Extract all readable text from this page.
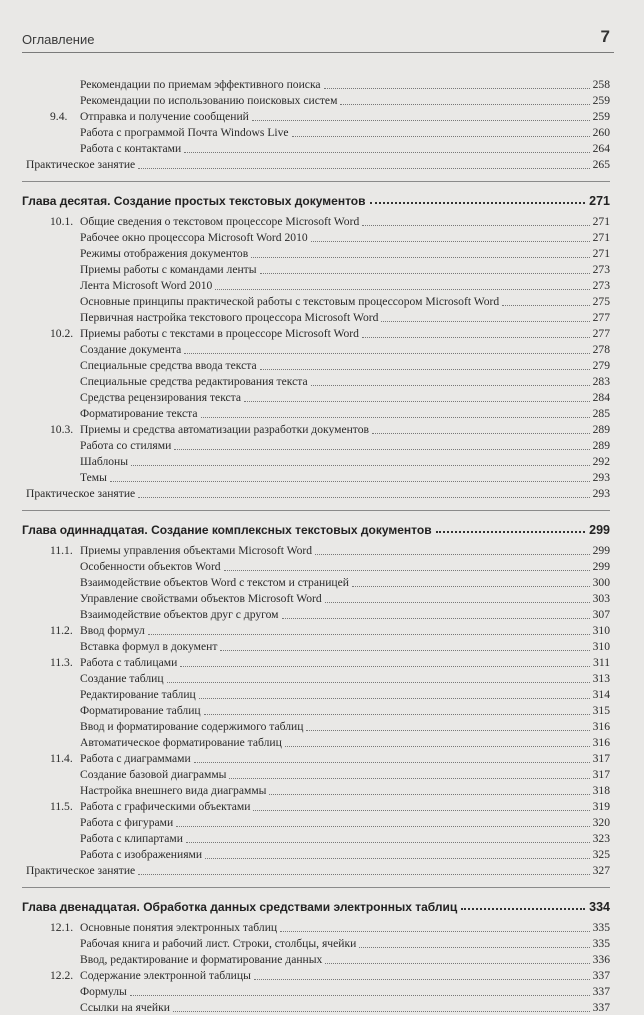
Оглавление	7
Рекомендации по приемам эффективного поиска	258
Рекомендации по использованию поисковых систем	259
9.4.	Отправка и получение сообщений	259
Работа с программой Почта Windows Live	260
Работа с контактами	264
Практическое занятие	265
Глава десятая. Создание простых текстовых документов	271
10.1. Общие сведения о текстовом процессоре Microsoft Word	271
Рабочее окно процессора Microsoft Word 2010	271
Режимы отображения документов	271
Приемы работы с командами ленты	273
Лента Microsoft Word 2010	273
Основные принципы практической работы с текстовым процессором Microsoft Word	275
Первичная настройка текстового процессора Microsoft Word	277
10.2. Приемы работы с текстами в процессоре Microsoft Word	277
Создание документа	278
Специальные средства ввода текста	279
Специальные средства редактирования текста	283
Средства рецензирования текста	284
Форматирование текста	285
10.3. Приемы и средства автоматизации разработки документов	289
Работа со стилями	289
Шаблоны	292
Темы	293
Практическое занятие	293
Глава одиннадцатая. Создание комплексных текстовых документов	299
11.1. Приемы управления объектами Microsoft Word	299
Особенности объектов Word	299
Взаимодействие объектов Word с текстом и страницей	300
Управление свойствами объектов Microsoft Word	303
Взаимодействие объектов друг с другом	307
11.2. Ввод формул	310
Вставка формул в документ	310
11.3. Работа с таблицами	311
Создание таблиц	313
Редактирование таблиц	314
Форматирование таблиц	315
Ввод и форматирование содержимого таблиц	316
Автоматическое форматирование таблиц	316
11.4. Работа с диаграммами	317
Создание базовой диаграммы	317
Настройка внешнего вида диаграммы	318
11.5. Работа с графическими объектами	319
Работа с фигурами	320
Работа с клипартами	323
Работа с изображениями	325
Практическое занятие	327
Глава двенадцатая. Обработка данных средствами электронных таблиц	334
12.1. Основные понятия электронных таблиц	335
Рабочая книга и рабочий лист. Строки, столбцы, ячейки	335
Ввод, редактирование и форматирование данных	336
12.2. Содержание электронной таблицы	337
Формулы	337
Ссылки на ячейки	337
